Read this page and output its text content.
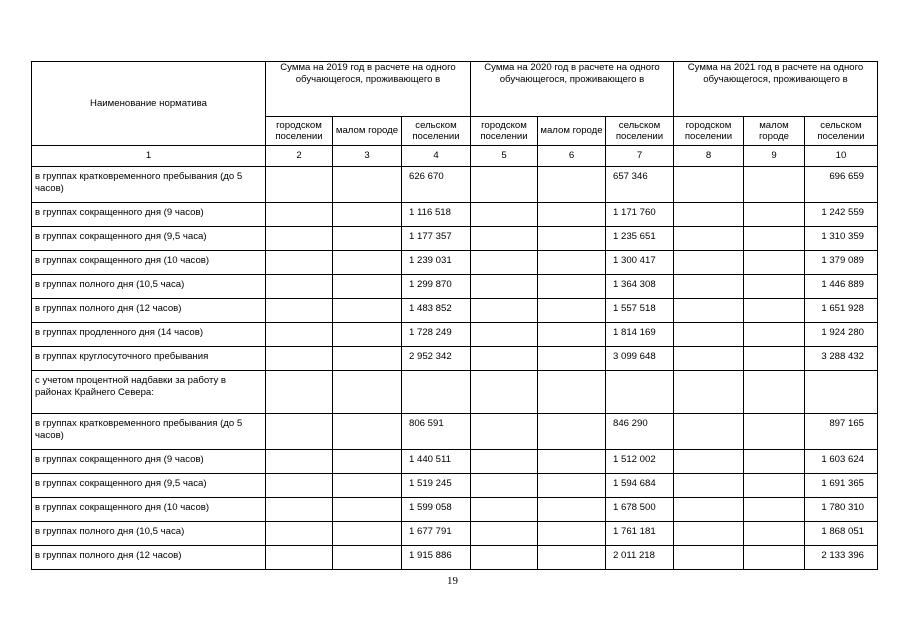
Наименование норматива	Сумма на 2019 год в расчете на одного обучающегося, проживающего в			Сумма на 2020 год в расчете на одного обучающегося, проживающего в			Сумма на 2021 год в расчете на одного обучающегося, проживающего в		
	городском поселении	малом городе	сельском поселении	городском поселении	малом городе	сельском поселении	городском поселении	малом городе	сельском поселении
1	2	3	4	5	6	7	8	9	10
в группах кратковременного пребывания (до 5 часов)			626 670			657 346			696 659
в группах сокращенного дня (9 часов)			1 116 518			1 171 760			1 242 559
в группах сокращенного дня (9,5 часа)			1 177 357			1 235 651			1 310 359
в группах сокращенного дня (10 часов)			1 239 031			1 300 417			1 379 089
в группах полного дня (10,5 часа)			1 299 870			1 364 308			1 446 889
в группах полного дня (12 часов)			1 483 852			1 557 518			1 651 928
в группах продленного дня (14 часов)			1 728 249			1 814 169			1 924 280
в группах круглосуточного пребывания			2 952 342			3 099 648			3 288 432
с учетом процентной надбавки за работу в районах Крайнего Севера:									
в группах кратковременного пребывания (до 5 часов)			806 591			846 290			897 165
в группах сокращенного дня (9 часов)			1 440 511			1 512 002			1 603 624
в группах сокращенного дня (9,5 часа)			1 519 245			1 594 684			1 691 365
в группах сокращенного дня (10 часов)			1 599 058			1 678 500			1 780 310
в группах полного дня (10,5 часа)			1 677 791			1 761 181			1 868 051
в группах полного дня (12 часов)			1 915 886			2 011 218			2 133 396
19
